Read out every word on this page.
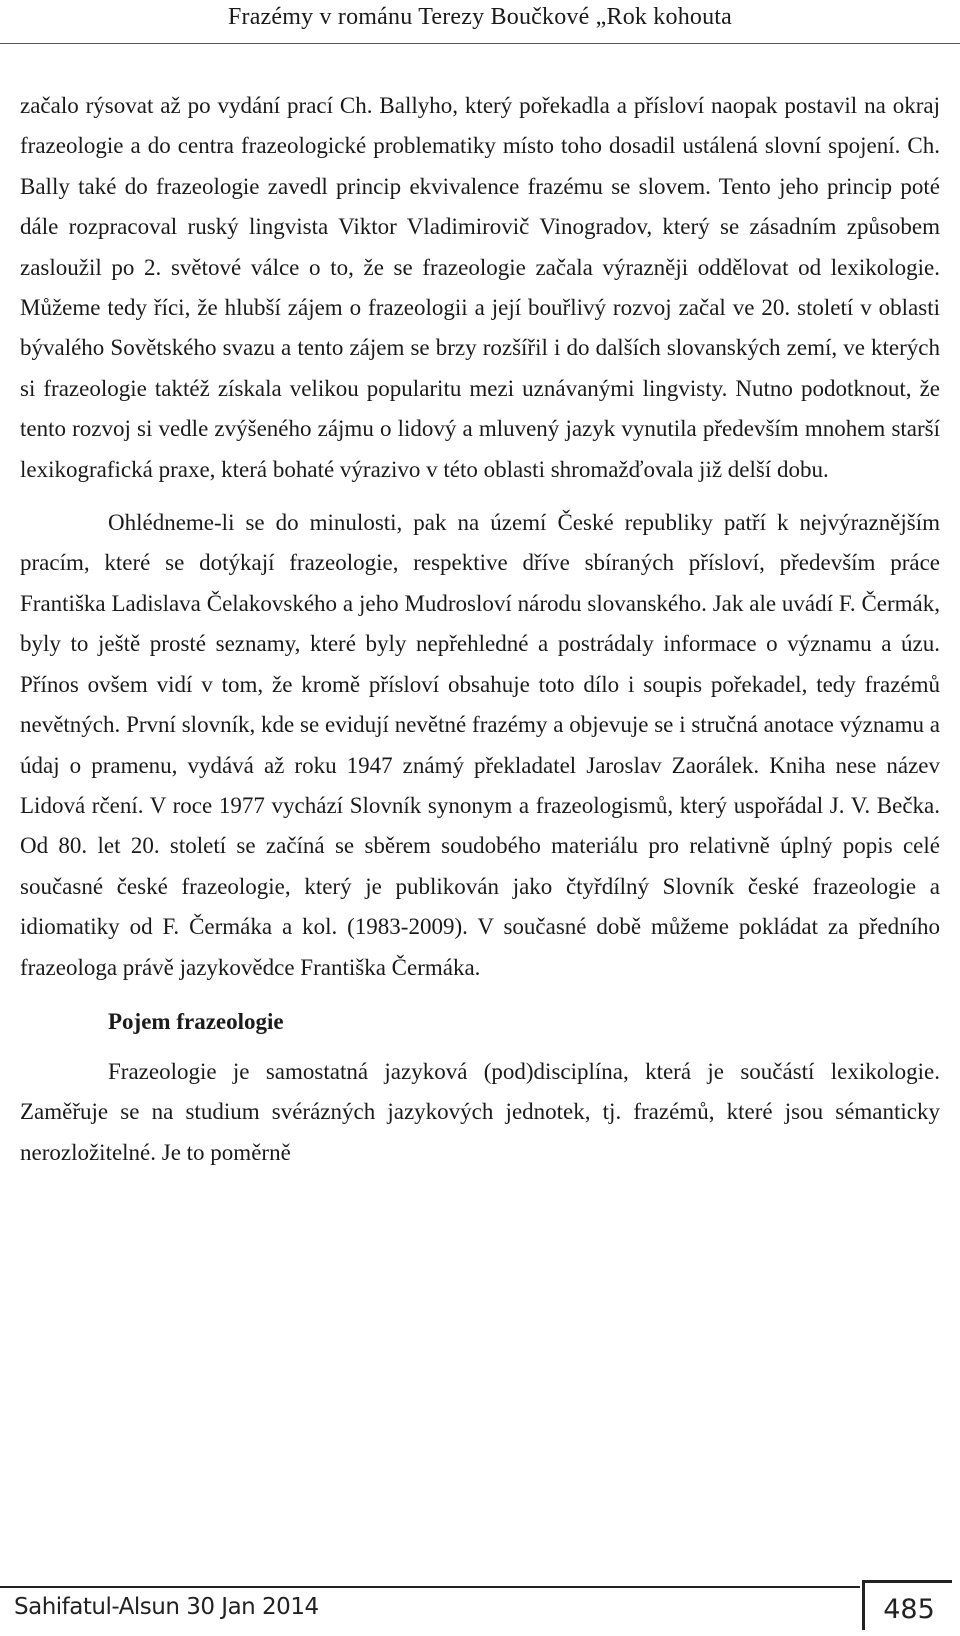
Frazémy v románu Terezy Boučkové „Rok kohouta

začalo rýsovat až po vydání prací Ch. Ballyho, který pořekadla a přísloví naopak postavil na okraj frazeologie a do centra frazeologické problematiky místo toho dosadil ustálená slovní spojení. Ch. Bally také do frazeologie zavedl princip ekvivalence frazému se slovem. Tento jeho princip poté dále rozpracoval ruský lingvista Viktor Vladimirovič Vinogradov, který se zásadním způsobem zasloužil po 2. světové válce o to, že se frazeologie začala výrazněji oddělovat od lexikologie. Můžeme tedy říci, že hlubší zájem o frazeologii a její bouřlivý rozvoj začal ve 20. století v oblasti bývalého Sovětského svazu a tento zájem se brzy rozšířil i do dalších slovanských zemí, ve kterých si frazeologie taktéž získala velikou popularitu mezi uznávanými lingvisty. Nutno podotknout, že tento rozvoj si vedle zvýšeného zájmu o lidový a mluvený jazyk vynutila především mnohem starší lexikografická praxe, která bohaté výrazivo v této oblasti shromažďovala již delší dobu.

Ohlédneme-li se do minulosti, pak na území České republiky patří k nejvýraznějším pracím, které se dotýkají frazeologie, respektive dříve sbíraných přísloví, především práce Františka Ladislava Čelakovského a jeho Mudrosloví národu slovanského. Jak ale uvádí F. Čermák, byly to ještě prosté seznamy, které byly nepřehledné a postrádaly informace o významu a úzu. Přínos ovšem vidí v tom, že kromě přísloví obsahuje toto dílo i soupis pořekadel, tedy frazémů nevětných. První slovník, kde se evidují nevětné frazémy a objevuje se i stručná anotace významu a údaj o pramenu, vydává až roku 1947 známý překladatel Jaroslav Zaorálek. Kniha nese název Lidová rčení. V roce 1977 vychází Slovník synonym a frazeologismů, který uspořádal J. V. Bečka. Od 80. let 20. století se začíná se sběrem soudobého materiálu pro relativně úplný popis celé současné české frazeologie, který je publikován jako čtyřdílný Slovník české frazeologie a idiomatiky od F. Čermáka a kol. (1983-2009). V současné době můžeme pokládat za předního frazeologa právě jazykovědce Františka Čermáka.

Pojem frazeologie

Frazeologie je samostatná jazyková (pod)disciplína, která je součástí lexikologie. Zaměřuje se na studium svérázných jazykových jednotek, tj. frazémů, které jsou sémanticky nerozložitelné. Je to poměrně

Sahifatul-Alsun 30 Jan 2014	485
